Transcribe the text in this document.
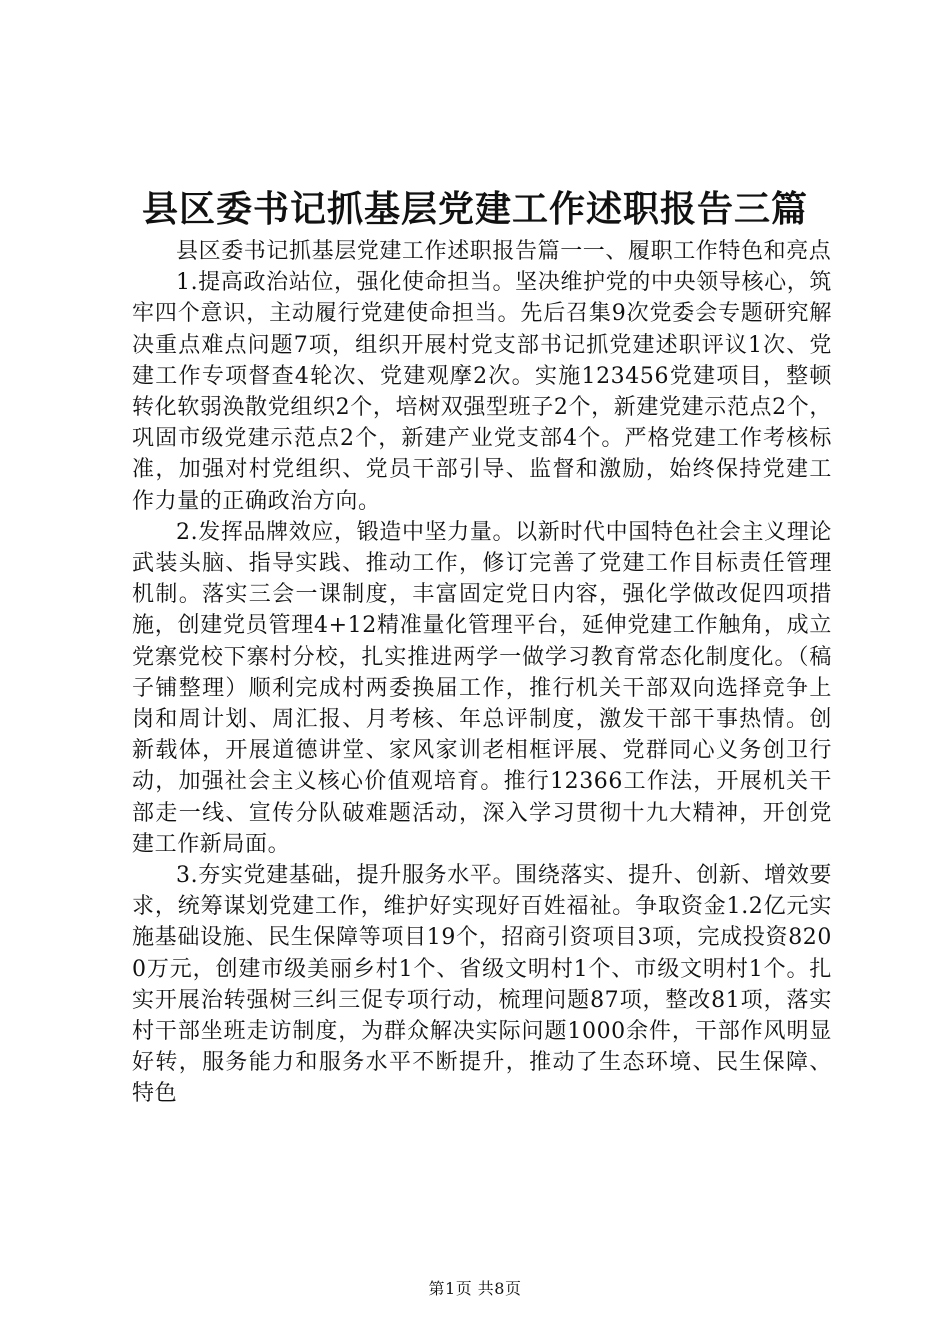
县区委书记抓基层党建工作述职报告三篇

县区委书记抓基层党建工作述职报告篇一一、履职工作特色和亮点

1.提高政治站位，强化使命担当。坚决维护党的中央领导核心，筑牢四个意识，主动履行党建使命担当。先后召集9次党委会专题研究解决重点难点问题7项，组织开展村党支部书记抓党建述职评议1次、党建工作专项督查4轮次、党建观摩2次。实施123456党建项目，整顿转化软弱涣散党组织2个，培树双强型班子2个，新建党建示范点2个，巩固市级党建示范点2个，新建产业党支部4个。严格党建工作考核标准，加强对村党组织、党员干部引导、监督和激励，始终保持党建工作力量的正确政治方向。

2.发挥品牌效应，锻造中坚力量。以新时代中国特色社会主义理论武装头脑、指导实践、推动工作，修订完善了党建工作目标责任管理机制。落实三会一课制度，丰富固定党日内容，强化学做改促四项措施，创建党员管理4+12精准量化管理平台，延伸党建工作触角，成立党寨党校下寨村分校，扎实推进两学一做学习教育常态化制度化。（稿子铺整理）顺利完成村两委换届工作，推行机关干部双向选择竞争上岗和周计划、周汇报、月考核、年总评制度，激发干部干事热情。创新载体，开展道德讲堂、家风家训老相框评展、党群同心义务创卫行动，加强社会主义核心价值观培育。推行12366工作法，开展机关干部走一线、宣传分队破难题活动，深入学习贯彻十九大精神，开创党建工作新局面。

3.夯实党建基础，提升服务水平。围绕落实、提升、创新、增效要求，统筹谋划党建工作，维护好实现好百姓福祉。争取资金1.2亿元实施基础设施、民生保障等项目19个，招商引资项目3项，完成投资8200万元，创建市级美丽乡村1个、省级文明村1个、市级文明村1个。扎实开展治转强树三纠三促专项行动，梳理问题87项，整改81项，落实村干部坐班走访制度，为群众解决实际问题1000余件，干部作风明显好转，服务能力和服务水平不断提升，推动了生态环境、民生保障、特色

第1页 共8页
